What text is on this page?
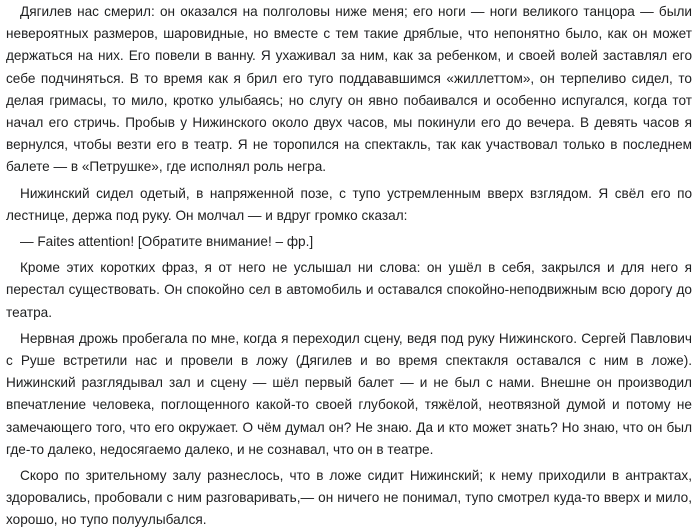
Дягилев нас смерил: он оказался на полголовы ниже меня; его ноги — ноги великого танцора — были невероятных размеров, шаровидные, но вместе с тем такие дряблые, что непонятно было, как он может держаться на них. Его повели в ванну. Я ухаживал за ним, как за ребенком, и своей волей заставлял его себе подчиняться. В то время как я брил его туго поддававшимся «жиллеттом», он терпеливо сидел, то делая гримасы, то мило, кротко улыбаясь; но слугу он явно побаивался и особенно испугался, когда тот начал его стричь. Пробыв у Нижинского около двух часов, мы покинули его до вечера. В девять часов я вернулся, чтобы везти его в театр. Я не торопился на спектакль, так как участвовал только в последнем балете — в «Петрушке», где исполнял роль негра.

Нижинский сидел одетый, в напряженной позе, с тупо устремленным вверх взглядом. Я свёл его по лестнице, держа под руку. Он молчал — и вдруг громко сказал:

— Faites attention! [Обратите внимание! – фр.]

Кроме этих коротких фраз, я от него не услышал ни слова: он ушёл в себя, закрылся и для него я перестал существовать. Он спокойно сел в автомобиль и оставался спокойно-неподвижным всю дорогу до театра.

Нервная дрожь пробегала по мне, когда я переходил сцену, ведя под руку Нижинского. Сергей Павлович с Руше встретили нас и провели в ложу (Дягилев и во время спектакля оставался с ним в ложе). Нижинский разглядывал зал и сцену — шёл первый балет — и не был с нами. Внешне он производил впечатление человека, поглощенного какой-то своей глубокой, тяжёлой, неотвязной думой и потому не замечающего того, что его окружает. О чём думал он? Не знаю. Да и кто может знать? Но знаю, что он был где-то далеко, недосягаемо далеко, и не сознавал, что он в театре.

Скоро по зрительному залу разнеслось, что в ложе сидит Нижинский; к нему приходили в антрактах, здоровались, пробовали с ним разговаривать,— он ничего не понимал, тупо смотрел куда-то вверх и мило, хорошо, но тупо полуулыбался.
